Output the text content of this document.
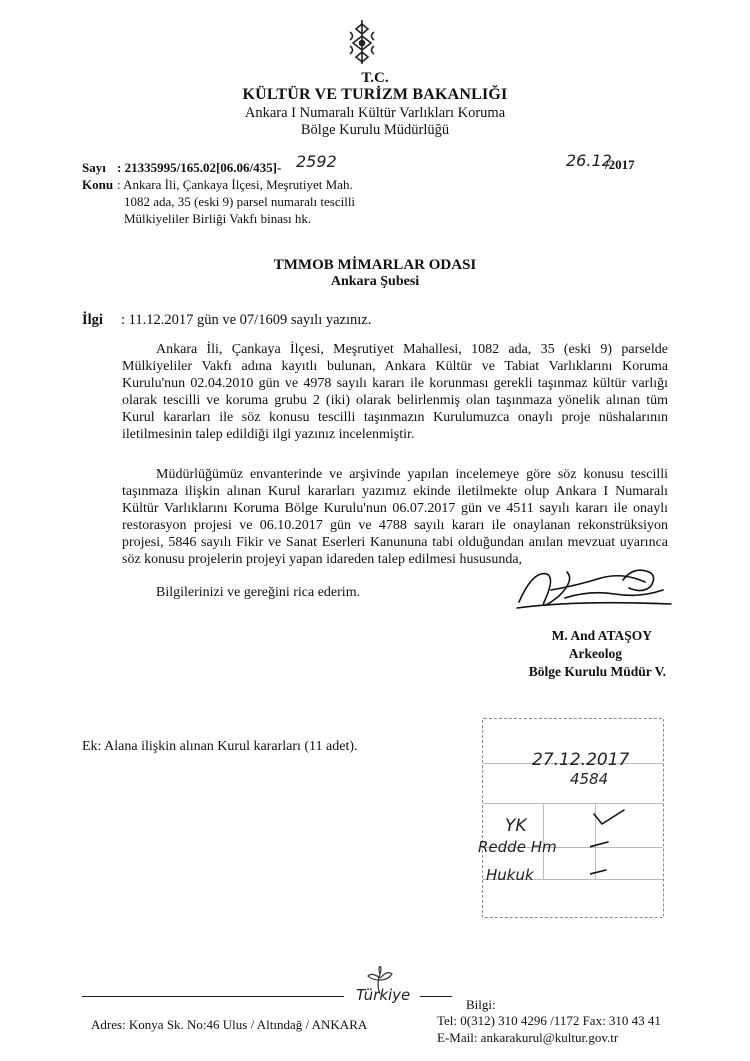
T.C.
KÜLTÜR VE TURİZM BAKANLIĞI
Ankara I Numaralı Kültür Varlıkları Koruma
Bölge Kurulu Müdürlüğü
Sayı : 21335995/165.02[06.06/435]- 2592	26.12
/2017
Konu : Ankara İli, Çankaya İlçesi, Meşrutiyet Mah.
1082 ada, 35 (eski 9) parsel numaralı tescilli
Mülkiyeliler Birliği Vakfı binası hk.
TMMOB MİMARLAR ODASI
Ankara Şubesi
İlgi : 11.12.2017 gün ve 07/1609 sayılı yazınız.
Ankara İli, Çankaya İlçesi, Meşrutiyet Mahallesi, 1082 ada, 35 (eski 9) parselde Mülkiyeliler Vakfı adına kayıtlı bulunan, Ankara Kültür ve Tabiat Varlıklarını Koruma Kurulu'nun 02.04.2010 gün ve 4978 sayılı kararı ile korunması gerekli taşınmaz kültür varlığı olarak tescilli ve koruma grubu 2 (iki) olarak belirlenmiş olan taşınmaza yönelik alınan tüm Kurul kararları ile söz konusu tescilli taşınmazın Kurulumuzca onaylı proje nüshalarının iletilmesinin talep edildiği ilgi yazınız incelenmiştir.
Müdürlüğümüz envanterinde ve arşivinde yapılan incelemeye göre söz konusu tescilli taşınmaza ilişkin alınan Kurul kararları yazımız ekinde iletilmekte olup Ankara I Numaralı Kültür Varlıklarını Koruma Bölge Kurulu'nun 06.07.2017 gün ve 4511 sayılı kararı ile onaylı restorasyon projesi ve 06.10.2017 gün ve 4788 sayılı kararı ile onaylanan rekonstrüksiyon projesi, 5846 sayılı Fikir ve Sanat Eserleri Kanununa tabi olduğundan anılan mevzuat uyarınca söz konusu projelerin projeyi yapan idareden talep edilmesi hususunda,
Bilgilerinizi ve gereğini rica ederim.
M. And ATAŞOY
Arkeolog
Bölge Kurulu Müdür V.
Ek: Alana ilişkin alınan Kurul kararları (11 adet).
27.12.2017
4584
YK
Redde Hm
Hukuk
Türkiye
Adres: Konya Sk. No:46 Ulus / Altındağ / ANKARA
Bilgi:
Tel: 0(312) 310 4296 /1172 Fax: 310 43 41
E-Mail: ankarakurul@kultur.gov.tr
